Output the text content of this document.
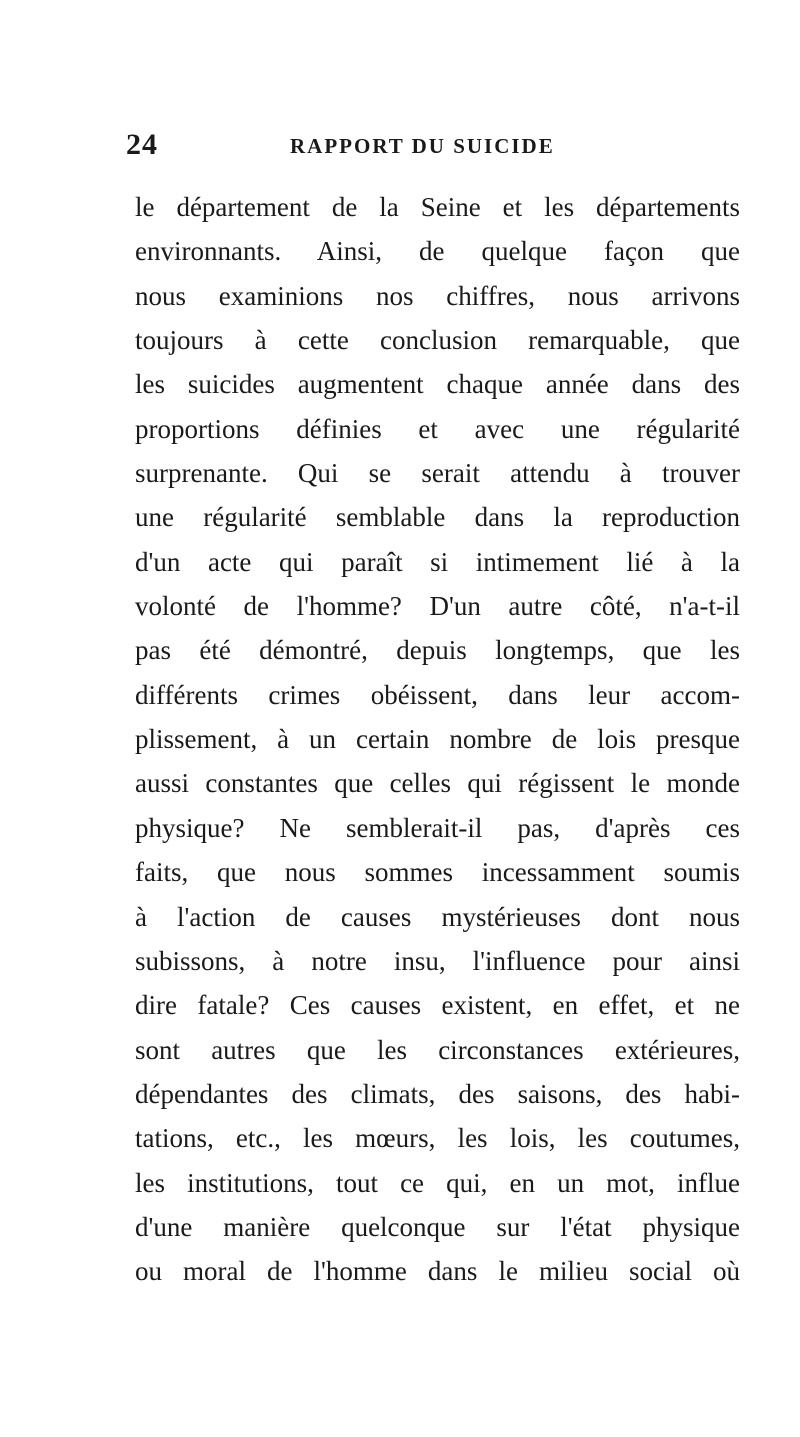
24	RAPPORT DU SUICIDE
le département de la Seine et les départements
environnants. Ainsi, de quelque façon que
nous examinions nos chiffres, nous arrivons
toujours à cette conclusion remarquable, que
les suicides augmentent chaque année dans des
proportions définies et avec une régularité
surprenante. Qui se serait attendu à trouver
une régularité semblable dans la reproduction
d'un acte qui paraît si intimement lié à la
volonté de l'homme? D'un autre côté, n'a-t-il
pas été démontré, depuis longtemps, que les
différents crimes obéissent, dans leur accom-
plissement, à un certain nombre de lois presque
aussi constantes que celles qui régissent le monde
physique? Ne semblerait-il pas, d'après ces
faits, que nous sommes incessamment soumis
à l'action de causes mystérieuses dont nous
subissons, à notre insu, l'influence pour ainsi
dire fatale? Ces causes existent, en effet, et ne
sont autres que les circonstances extérieures,
dépendantes des climats, des saisons, des habi-
tations, etc., les mœurs, les lois, les coutumes,
les institutions, tout ce qui, en un mot, influe
d'une manière quelconque sur l'état physique
ou moral de l'homme dans le milieu social où
